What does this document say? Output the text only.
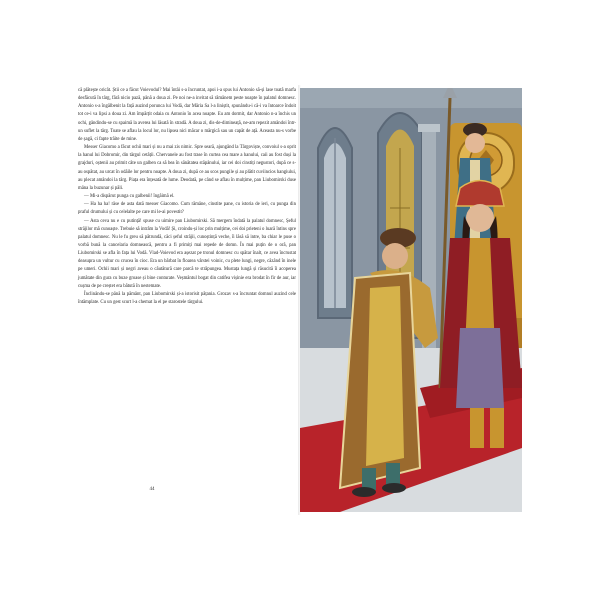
că plătește oricât. Știi ce a făcut Voievodul? Mai întâi s-a încruntat, apoi i-a spus lui Antonio să-și lase toată marfa desfăcută în târg, fără nicio pază, până a doua zi. Pe noi ne-a invitat să rămânem peste noapte în palatul domnesc. Antonio s-a îngălbenit la față auzind porunca lui Vodă, dar Măria Sa l-a liniștit, spunându-i că-i va întoarce îndoit tot ce-i va lipsi a doua zi. Am împărțit odaia cu Antonio în acea noapte. Eu am dormit, dar Antonio n-a închis un ochi, gândindu-se cu spaimă la averea lui lăsată în stradă. A doua zi, dis-de-dimineață, ne-am repezit amândoi într-un suflet la târg. Toate se aflau la locul lor, nu lipsea nici măcar o mărgică sau un capăt de ață. Aceasta nu-s vorbe de șagă, ci fapte trăite de mine.

Messer Giacomo a făcut ochii mari și nu a mai zis nimic. Spre seară, ajungând la Târgoviște, convoiul s-a oprit la hanul lui Dobromir, din târgul cetății. Chervanele au fost trase în curtea cea mare a hanului, caii au fost duși la grajduri, oștenii au primit câte un galben ca să bea în sănătatea stăpânului, iar cei doi cinstiți negustori, după ce s-au ospătat, au urcat în odăile lor pentru noapte. A doua zi, după ce au scos pungile și au plătit cuviincios hangiului, au plecat amândoi la târg. Piața era înțesată de lume. Deodată, pe când se aflau în mulțime, pan Liubomirski duse mâna la buzunar și păli.

— Mi-a dispărut punga cu galbenii! îngăimă el.

— Ha ha ha! râse de asta dată messer Giacomo. Cum rămâne, cinstite pane, cu istoria de ieri, cu punga din praful drumului și cu celelalte pe care mi le-ai povestit?

— Asta ceva nu e cu putință! spuse cu uimire pan Liubomirski. Să mergem îndată la palatul domnesc, Șeful străjilor mă cunoaște. Trebuie să intrăm la Vodă! Și, croindu-și loc prin mulțime, cei doi prieteni o luară întins spre palatul domnesc. Nu le fu greu să pătrundă, căci șeful străjii, cunoștință veche, îi lăsă să intre, ba chiar le puse o vorbă bună la cancelaria domnească, pentru a fi primiți mai repede de domn. În mai puțin de o oră, pan Liubomirski se afla în fața lui Vodă. Vlad-Voievod era așezat pe tronul domnesc cu spătar înalt, ce avea încrustat deasupra un vultur cu crucea în cioc. Era un bărbat în floarea vârstei voinic, cu plete lungi, negre, căzând în inele pe umeri. Ochii mari și negri aveau o căutătură care parcă te străpungea. Mustața lungă și răsucită îi acoperea jumătate din gura cu buze groase și bine conturate. Veșmântul bogat din catifea vișinie era brodat în fir de aur, iar cușma de pe creștet era bătută în nestemate.

Înclinându-se până la pământ, pan Liubomirski și-a istorisit pățania. Grozav s-a încruntat domnul auzind cele întâmplate. Cu un gest scurt l-a chemat la el pe starostele târgului.

44
